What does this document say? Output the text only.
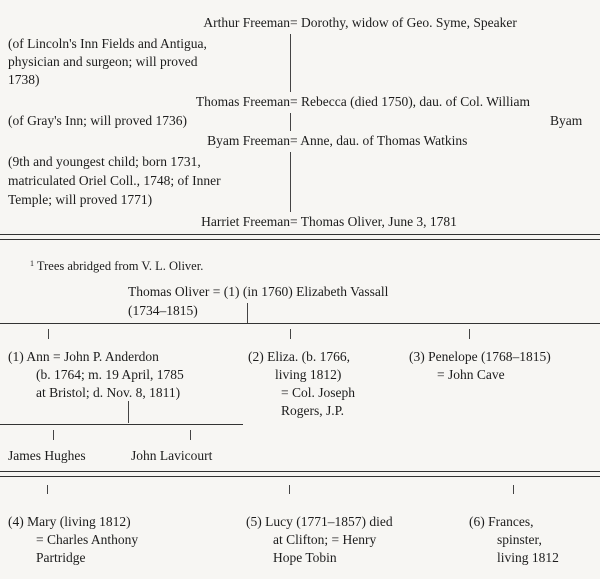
Arthur Freeman = Dorothy, widow of Geo. Syme, Speaker
(of Lincoln's Inn Fields and Antigua,
physician and surgeon; will proved
1738)
Thomas Freeman = Rebecca (died 1750), dau. of Col. William
(of Gray's Inn; will proved 1736)	Byam
Byam Freeman = Anne, dau. of Thomas Watkins
(9th and youngest child; born 1731,
matriculated Oriel Coll., 1748; of Inner
Temple; will proved 1771)
Harriet Freeman = Thomas Oliver, June 3, 1781
$^1$ Trees abridged from V. L. Oliver.
Thomas Oliver = (1) (in 1760) Elizabeth Vassall
(1734–1815)
(1) Ann = John P. Anderdon
(b. 1764; m. 19 April, 1785
at Bristol; d. Nov. 8, 1811)
(2) Eliza. (b. 1766,
living 1812)
= Col. Joseph
Rogers, J.P.
(3) Penelope (1768–1815)
= John Cave
James Hughes	John Lavicourt
(4) Mary (living 1812)
= Charles Anthony
Partridge
(5) Lucy (1771–1857) died
at Clifton; = Henry
Hope Tobin
(6) Frances,
spinster,
living 1812
